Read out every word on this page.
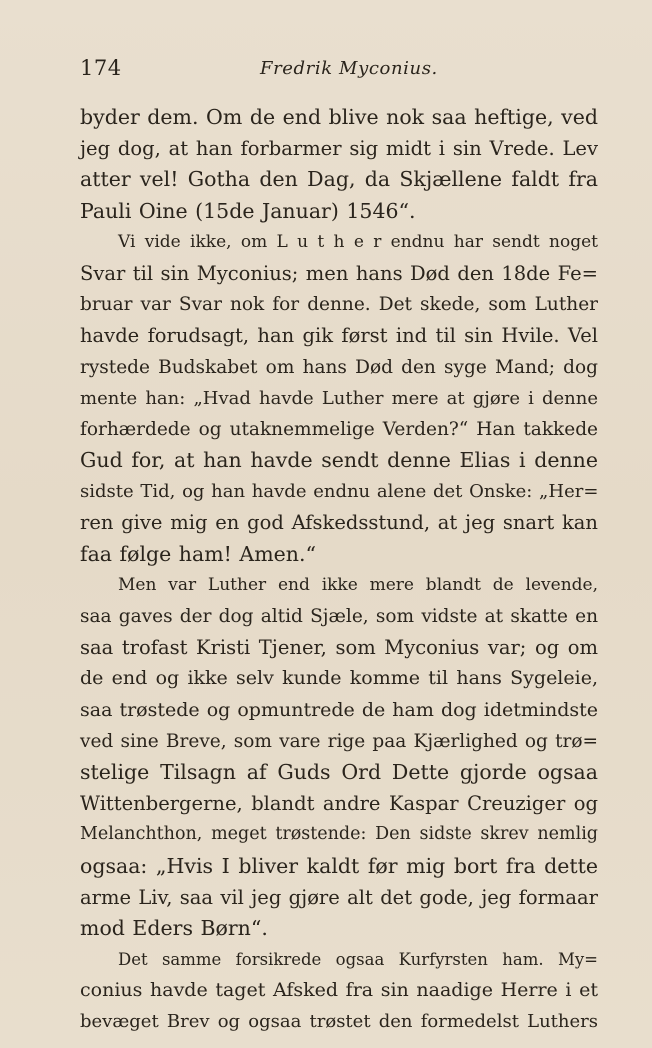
174	Fredrik Myconius.
byder dem. Om de end blive nok saa heftige, ved
jeg dog, at han forbarmer sig midt i sin Vrede. Lev
atter vel! Gotha den Dag, da Skjællene faldt fra
Pauli Oine (15de Januar) 1546“.
Vi vide ikke, om L u t h e r endnu har sendt noget
Svar til sin Myconius; men hans Død den 18de Fe=
bruar var Svar nok for denne. Det skede, som Luther
havde forudsagt, han gik først ind til sin Hvile. Vel
rystede Budskabet om hans Død den syge Mand; dog
mente han: „Hvad havde Luther mere at gjøre i denne
forhærdede og utaknemmelige Verden?“ Han takkede
Gud for, at han havde sendt denne Elias i denne
sidste Tid, og han havde endnu alene det Onske: „Her=
ren give mig en god Afskedsstund, at jeg snart kan
faa følge ham! Amen.“
Men var Luther end ikke mere blandt de levende,
saa gaves der dog altid Sjæle, som vidste at skatte en
saa trofast Kristi Tjener, som Myconius var; og om
de end og ikke selv kunde komme til hans Sygeleie,
saa trøstede og opmuntrede de ham dog idetmindste
ved sine Breve, som vare rige paa Kjærlighed og trø=
stelige Tilsagn af Guds Ord Dette gjorde ogsaa
Wittenbergerne, blandt andre Kaspar Creuziger og
Melanchthon, meget trøstende: Den sidste skrev nemlig
ogsaa: „Hvis I bliver kaldt før mig bort fra dette
arme Liv, saa vil jeg gjøre alt det gode, jeg formaar
mod Eders Børn“.
Det samme forsikrede ogsaa Kurfyrsten ham. My=
conius havde taget Afsked fra sin naadige Herre i et
bevæget Brev og ogsaa trøstet den formedelst Luthers
